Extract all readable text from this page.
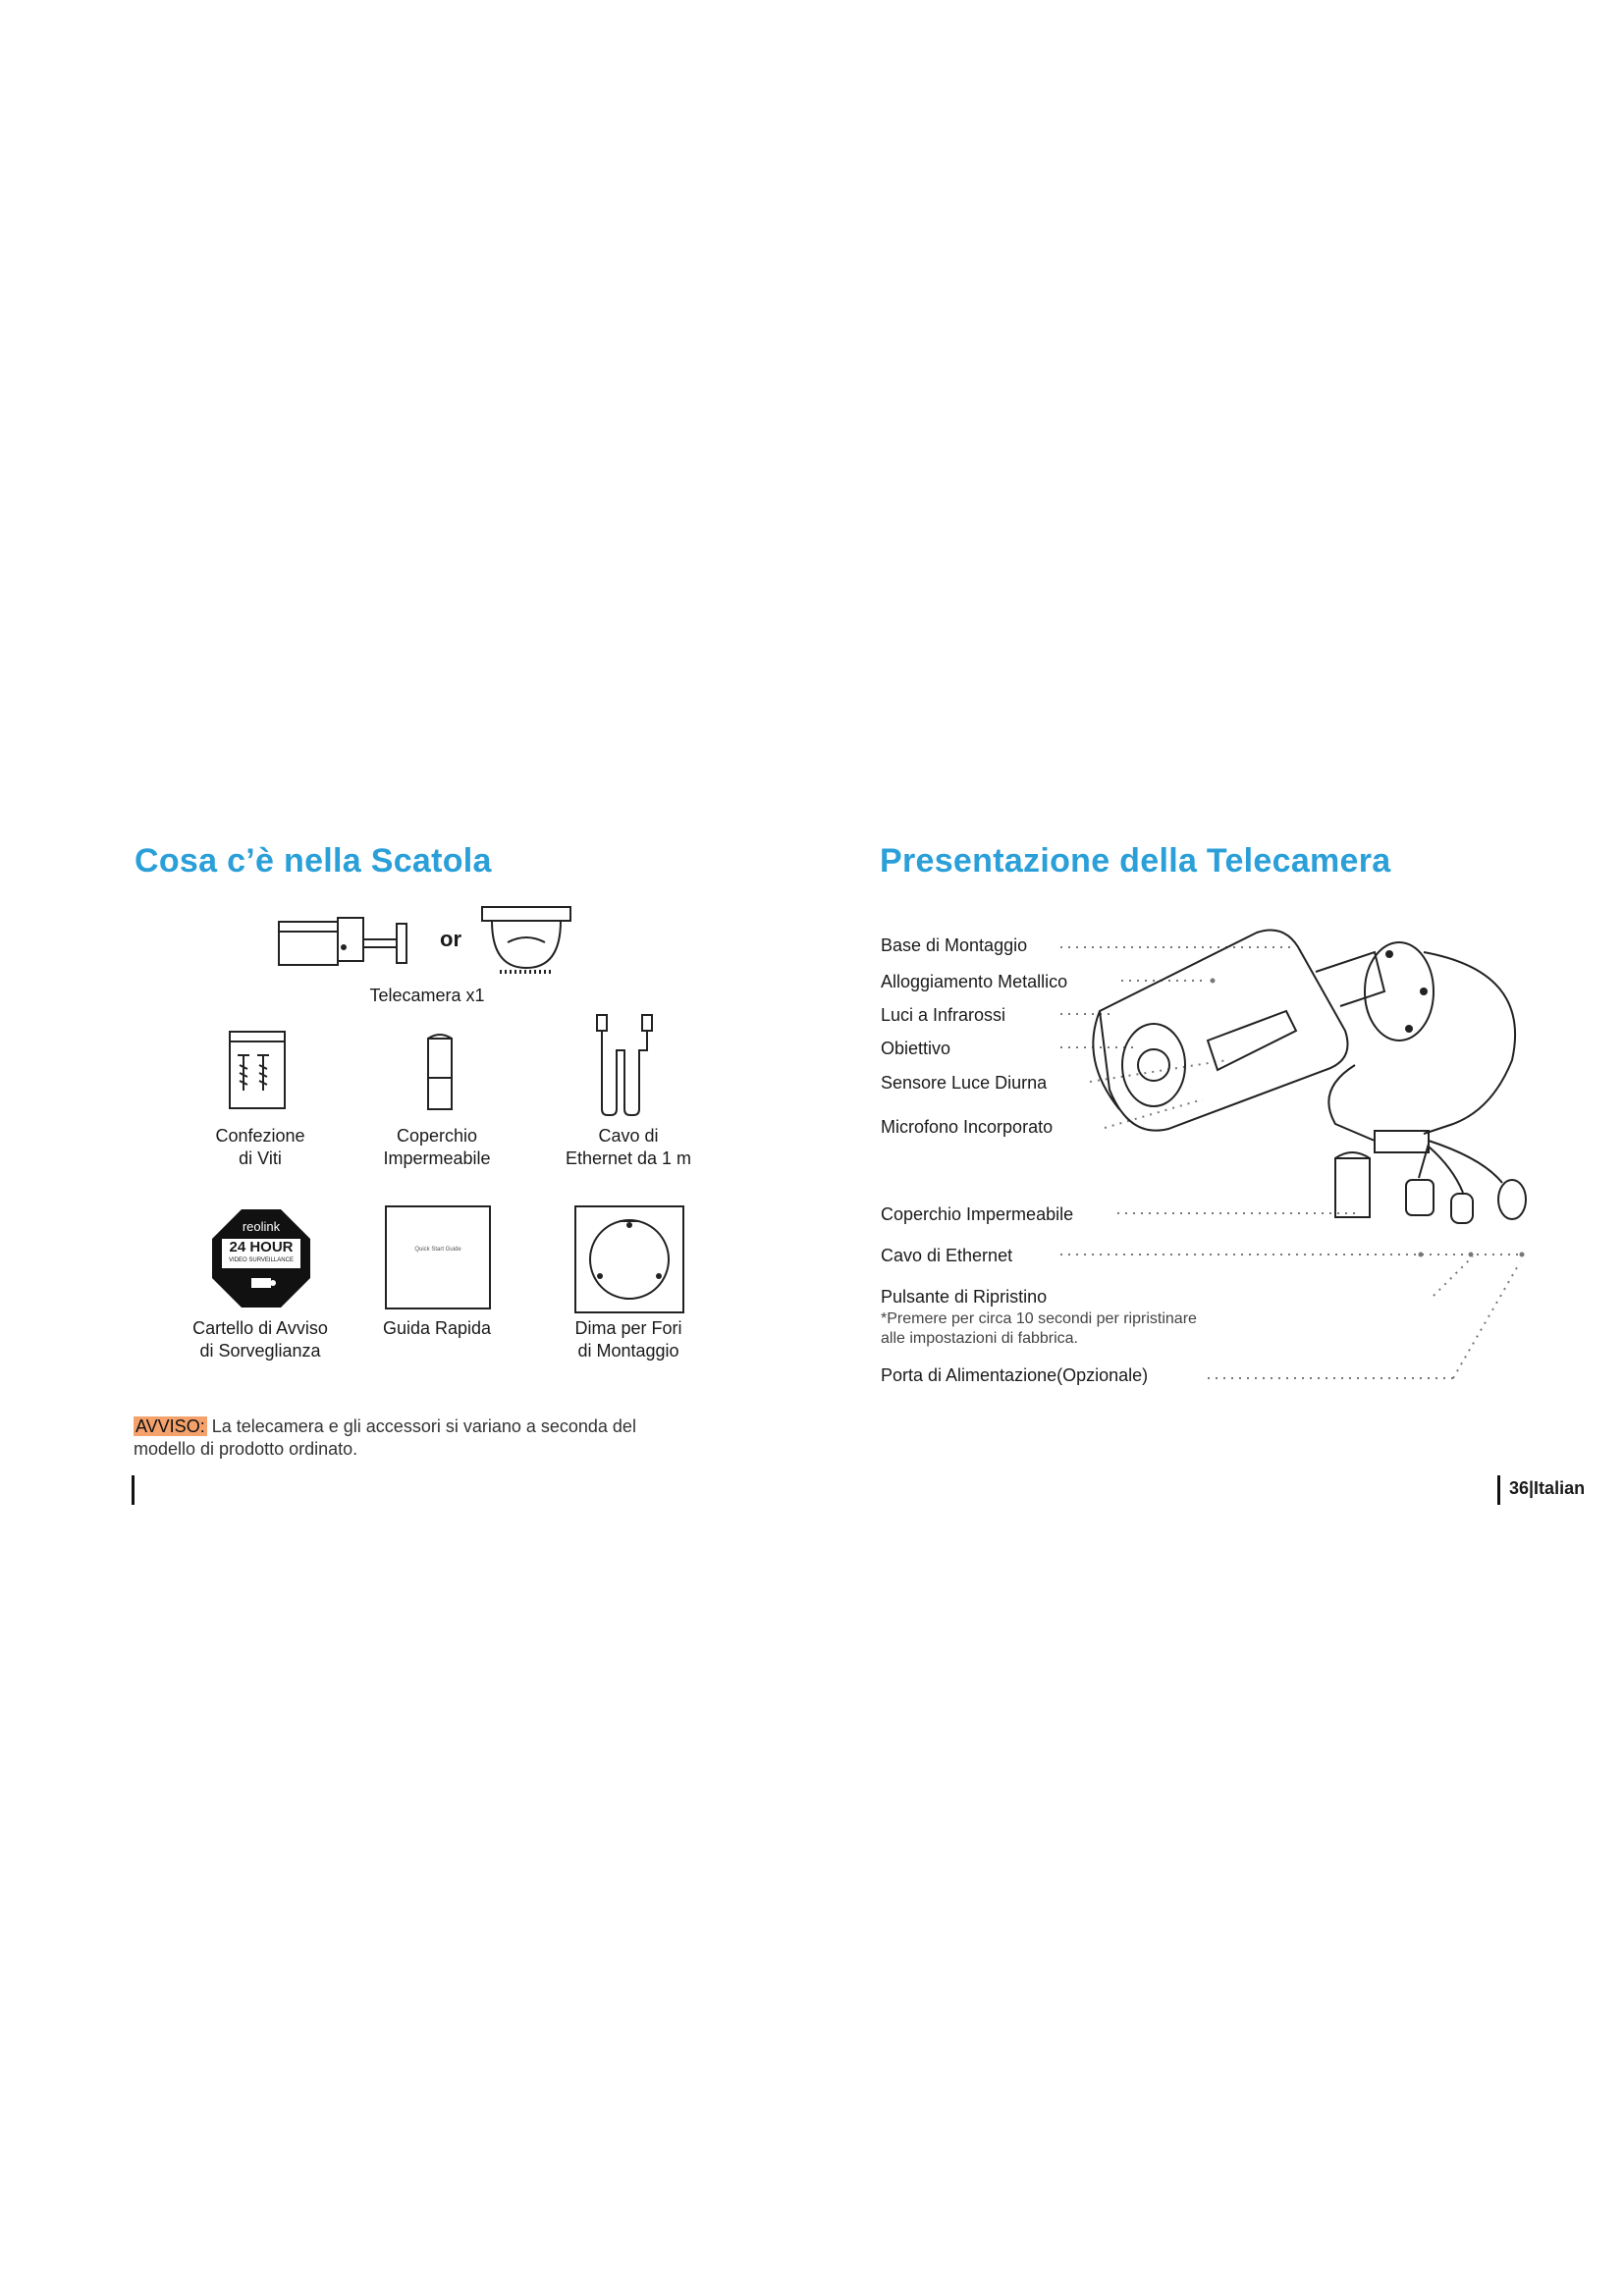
Cosa c’è nella Scatola
or
Telecamera x1
Confezione
di Viti
Coperchio
Impermeabile
Cavo di
Ethernet da 1 m
reolink
24 HOUR
VIDEO SURVEILLANCE
Quick Start Guide
Cartello di Avviso
di Sorveglianza
Guida Rapida	Dima per Fori
di Montaggio
AVVISO: La telecamera e gli accessori si variano a seconda del
modello di prodotto ordinato.
Presentazione della Telecamera
Base di Montaggio
Alloggiamento Metallico
Luci a Infrarossi
Obiettivo
Sensore Luce Diurna
Microfono Incorporato
Coperchio Impermeabile
Cavo di Ethernet
Pulsante di Ripristino
*Premere per circa 10 secondi per ripristinare
alle impostazioni di fabbrica.
Porta di Alimentazione(Opzionale)
36|Italian
